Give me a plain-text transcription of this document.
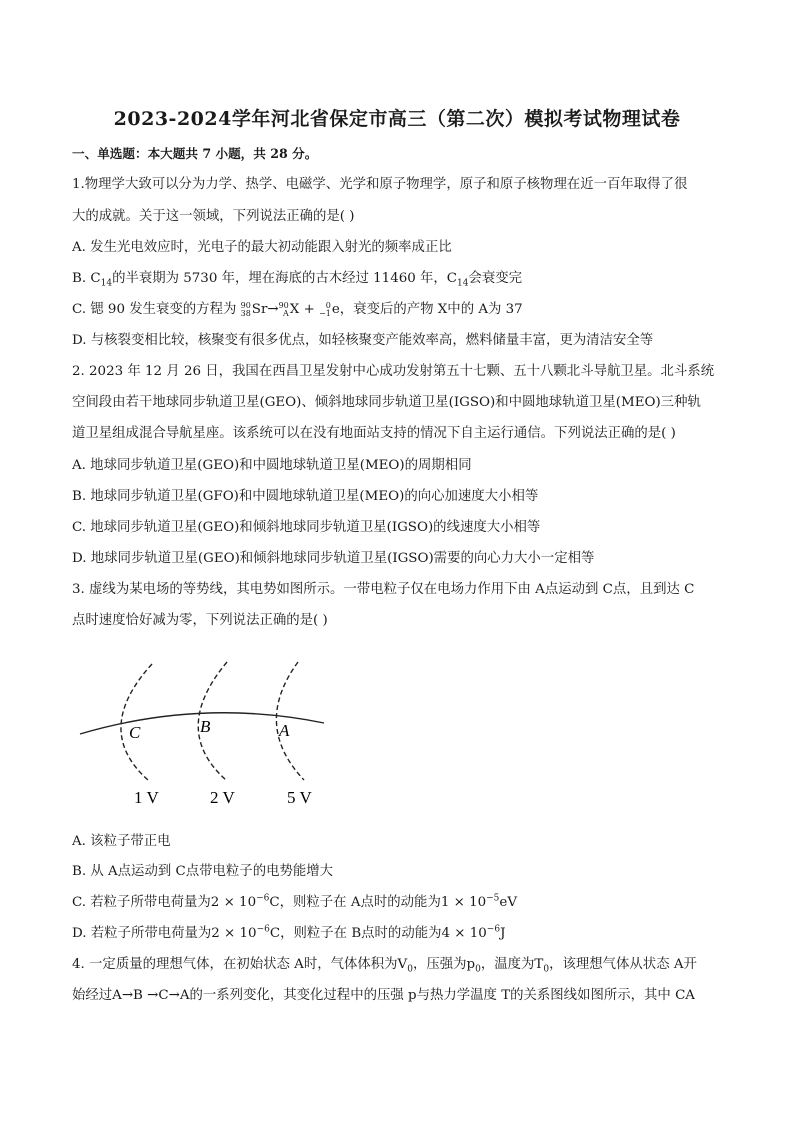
2023-2024学年河北省保定市高三（第二次）模拟考试物理试卷
一、单选题：本大题共 7 小题，共 28 分。
1.物理学大致可以分为力学、热学、电磁学、光学和原子物理学，原子和原子核物理在近一百年取得了很
大的成就。关于这一领域，下列说法正确的是( )
A. 发生光电效应时，光电子的最大初动能跟入射光的频率成正比
B. $C_{14}$的半衰期为 5730 年，埋在海底的古木经过 11460 年，$C_{14}$会衰变完
C. 锶 90 发生衰变的方程为 90
38 Sr→ 90
A X + 0
−1 e，衰变后的产物 X中的 A为 37
D. 与核裂变相比较，核聚变有很多优点，如轻核聚变产能效率高，燃料储量丰富，更为清洁安全等
2. 2023 年 12 月 26 日，我国在西昌卫星发射中心成功发射第五十七颗、五十八颗北斗导航卫星。北斗系统
空间段由若干地球同步轨道卫星(GEO)、倾斜地球同步轨道卫星(IGSO)和中圆地球轨道卫星(MEO)三种轨
道卫星组成混合导航星座。该系统可以在没有地面站支持的情况下自主运行通信。下列说法正确的是( )
A. 地球同步轨道卫星(GEO)和中圆地球轨道卫星(MEO)的周期相同
B. 地球同步轨道卫星(GFO)和中圆地球轨道卫星(MEO)的向心加速度大小相等
C. 地球同步轨道卫星(GEO)和倾斜地球同步轨道卫星(IGSO)的线速度大小相等
D. 地球同步轨道卫星(GEO)和倾斜地球同步轨道卫星(IGSO)需要的向心力大小一定相等
3. 虚线为某电场的等势线，其电势如图所示。一带电粒子仅在电场力作用下由 A点运动到 C点，且到达 C
点时速度恰好减为零，下列说法正确的是( )
C	B	A
1 V	2 V	5 V
A. 该粒子带正电
B. 从 A点运动到 C点带电粒子的电势能增大
C. 若粒子所带电荷量为$2 \times 10^{-6}C$，则粒子在 A点时的动能为$1 \times 10^{-5}eV$
D. 若粒子所带电荷量为$2 \times 10^{-6}C$，则粒子在 B点时的动能为$4 \times 10^{-6}J$
4. 一定质量的理想气体，在初始状态 A时，气体体积为$V_0$，压强为$p_0$，温度为$T_0$，该理想气体从状态 A开
始经过A→B →C→A的一系列变化，其变化过程中的压强 p与热力学温度 T的关系图线如图所示，其中 CA
